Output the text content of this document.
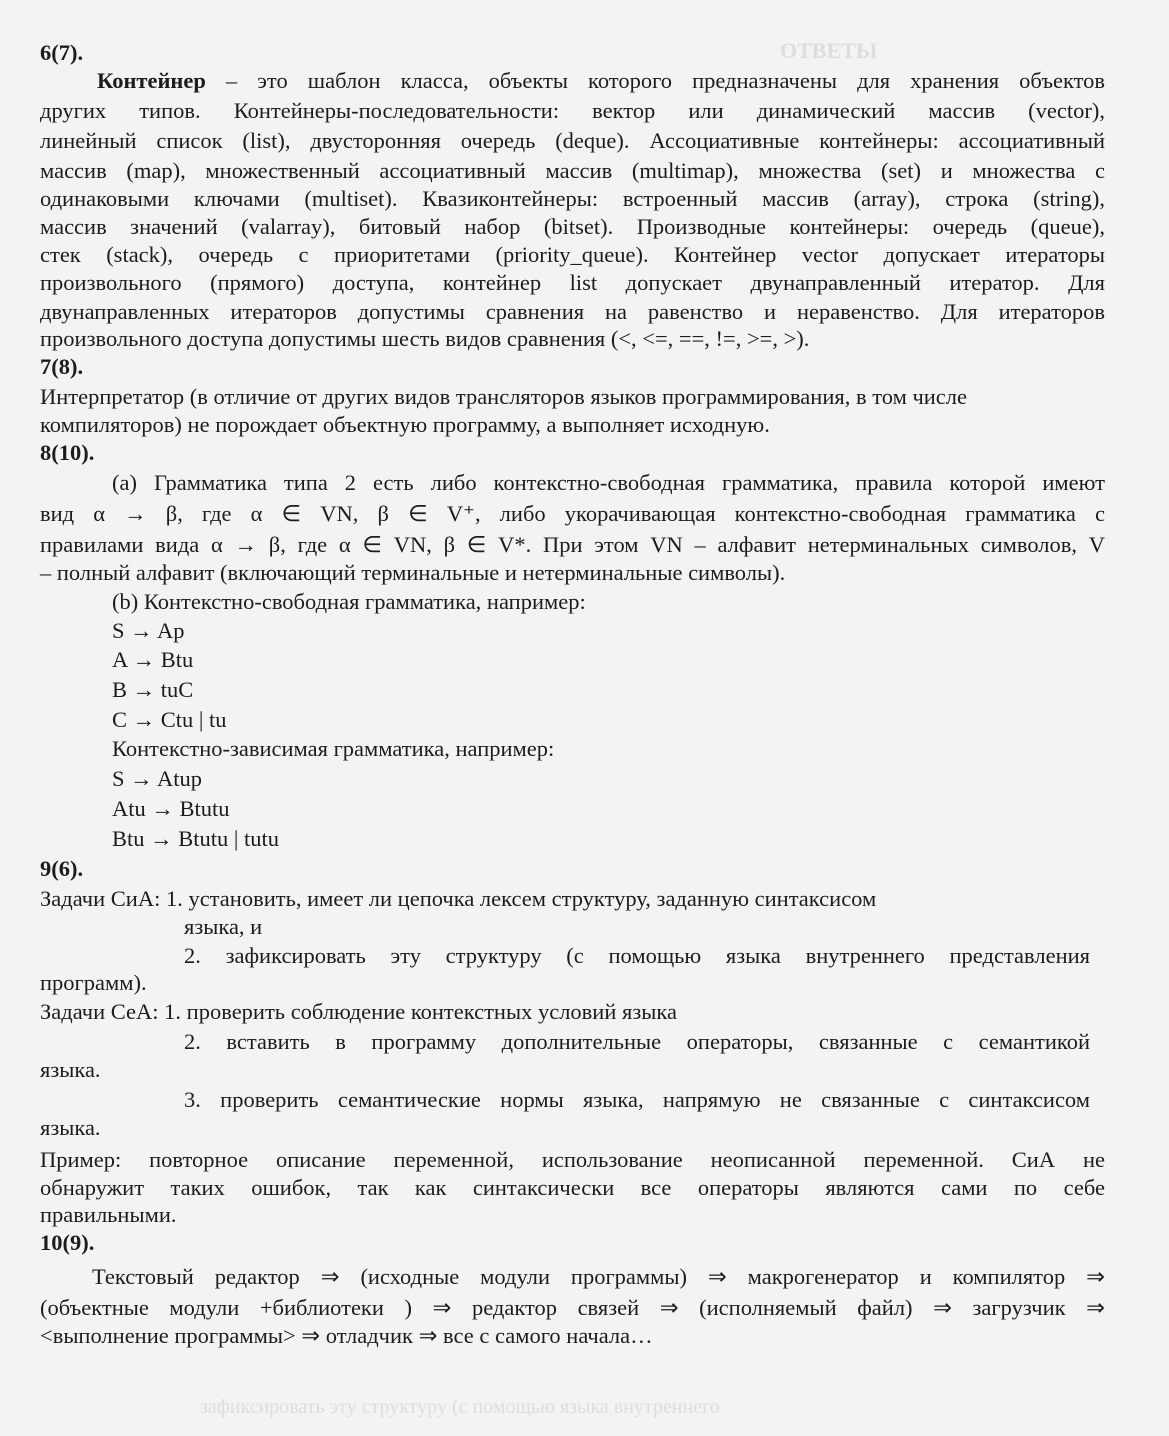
ОТВЕТЫ
6(7).
Контейнер – это шаблон класса, объекты которого предназначены для хранения объектов
других типов. Контейнеры-последовательности: вектор или динамический массив (vector),
линейный список (list), двусторонняя очередь (deque). Ассоциативные контейнеры: ассоциативный
массив (map), множественный ассоциативный массив (multimap), множества (set) и множества с
одинаковыми ключами (multiset). Квазиконтейнеры: встроенный массив (array), строка (string),
массив значений (valarray), битовый набор (bitset). Производные контейнеры: очередь (queue),
стек (stack), очередь с приоритетами (priority_queue). Контейнер vector допускает итераторы
произвольного (прямого) доступа, контейнер list допускает двунаправленный итератор. Для
двунаправленных итераторов допустимы сравнения на равенство и неравенство. Для итераторов
произвольного доступа допустимы шесть видов сравнения (<, <=, ==, !=, >=, >).
7(8).
Интерпретатор (в отличие от других видов трансляторов языков программирования, в том числе
компиляторов) не порождает объектную программу, а выполняет исходную.
8(10).
(a) Грамматика типа 2 есть либо контекстно-свободная грамматика, правила которой имеют
вид α → β, где α ∈ VN, β ∈ V⁺, либо укорачивающая контекстно-свободная грамматика с
правилами вида α → β, где α ∈ VN, β ∈ V*. При этом VN – алфавит нетерминальных символов, V
– полный алфавит (включающий терминальные и нетерминальные символы).
(b) Контекстно-свободная грамматика, например:
S → Ap
A → Btu
B → tuC
C → Ctu | tu
Контекстно-зависимая грамматика, например:
S → Atup
Atu → Btutu
Btu → Btutu | tutu
9(6).
Задачи СиА: 1. установить, имеет ли цепочка лексем структуру, заданную синтаксисом
языка, и
2. зафиксировать эту структуру (с помощью языка внутреннего представления
программ).
Задачи СеА: 1. проверить соблюдение контекстных условий языка
2. вставить в программу дополнительные операторы, связанные с семантикой
языка.
3. проверить семантические нормы языка, напрямую не связанные с синтаксисом
языка.
Пример: повторное описание переменной, использование неописанной переменной. СиА не
обнаружит таких ошибок, так как синтаксически все операторы являются сами по себе
правильными.
10(9).
Текстовый редактор ⇒ (исходные модули программы) ⇒ макрогенератор и компилятор ⇒
(объектные модули +библиотеки ) ⇒ редактор связей ⇒ (исполняемый файл) ⇒ загрузчик ⇒
<выполнение программы> ⇒ отладчик ⇒ все с самого начала…
зафиксировать эту структуру (с помощью языка внутреннего
